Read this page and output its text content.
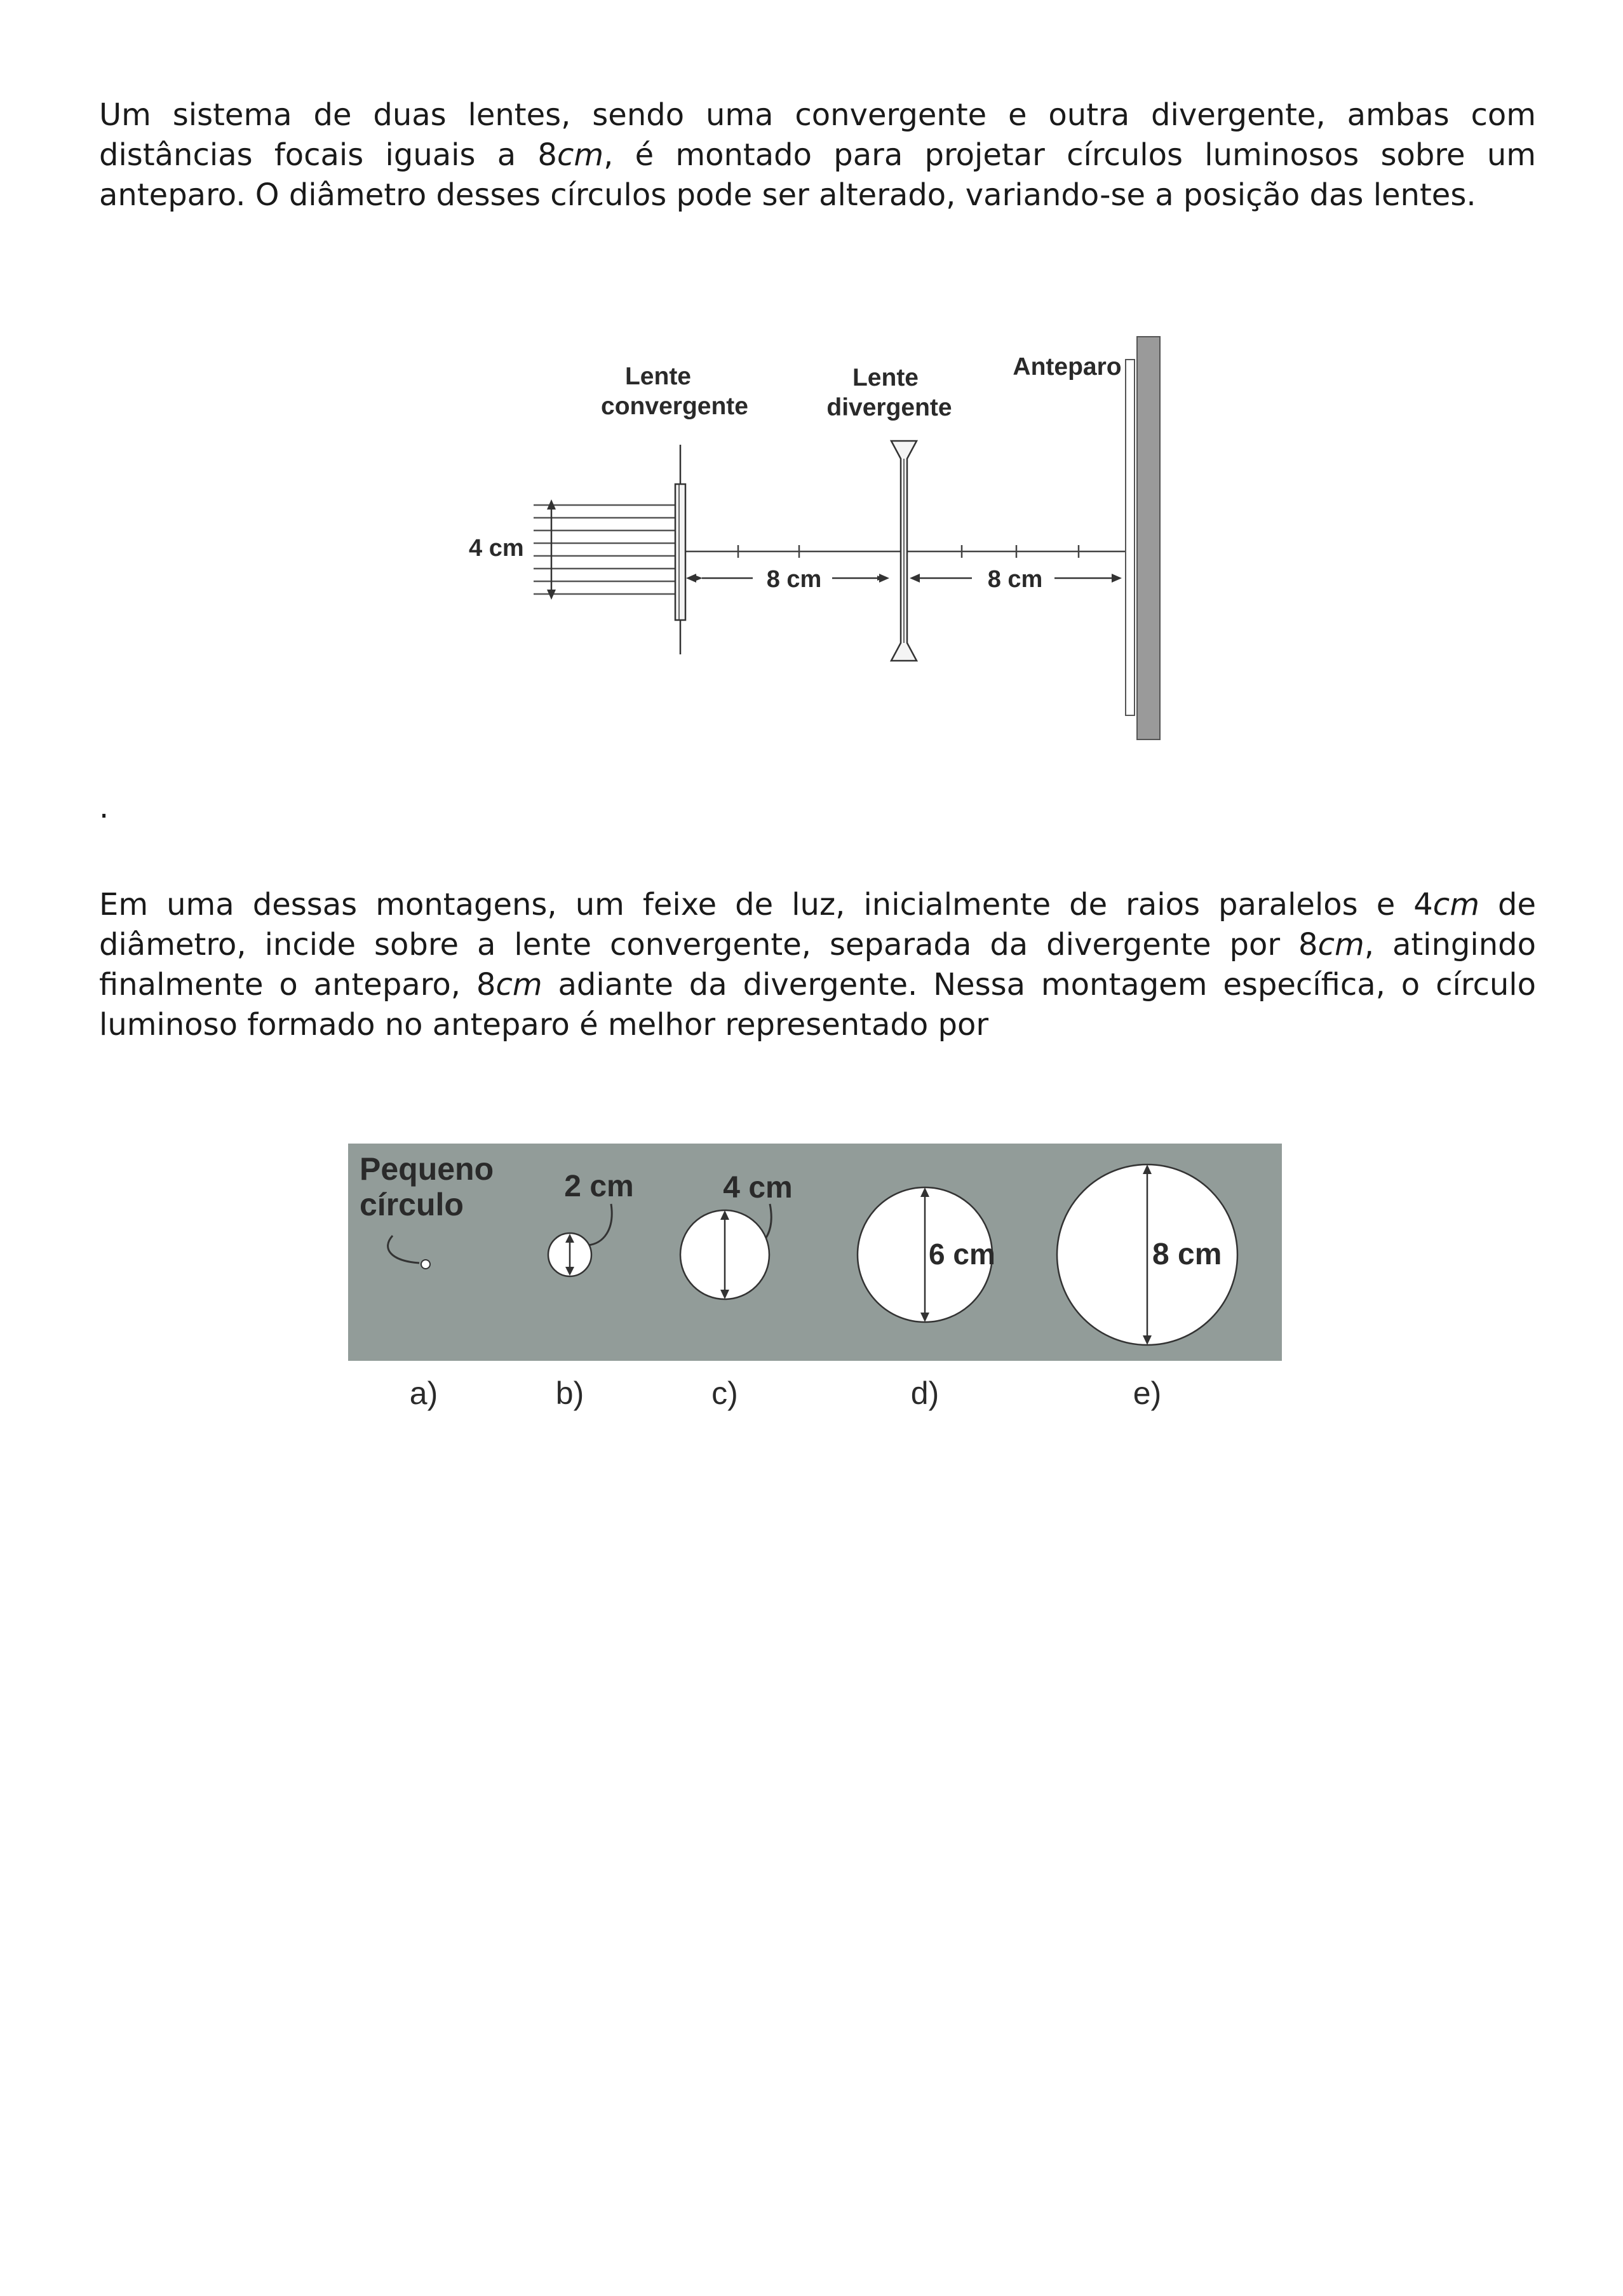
Um sistema de duas lentes, sendo uma convergente e outra divergente, ambas com distâncias focais iguais a 8cm, é montado para projetar círculos luminosos sobre um anteparo. O diâmetro desses círculos pode ser alterado, variando-se a posição das lentes.

.

Em uma dessas montagens, um feixe de luz, inicialmente de raios paralelos e 4cm de diâmetro, incide sobre a lente convergente, separada da divergente por 8cm, atingindo finalmente o anteparo, 8cm adiante da divergente. Nessa montagem específica, o círculo luminoso formado no anteparo é melhor representado por

4 cm
Lente
convergente
Lente
divergente
Anteparo
8 cm	8 cm
Pequeno
círculo
2 cm	4 cm
6 cm	8 cm
a)	b)	c)	d)	e)
